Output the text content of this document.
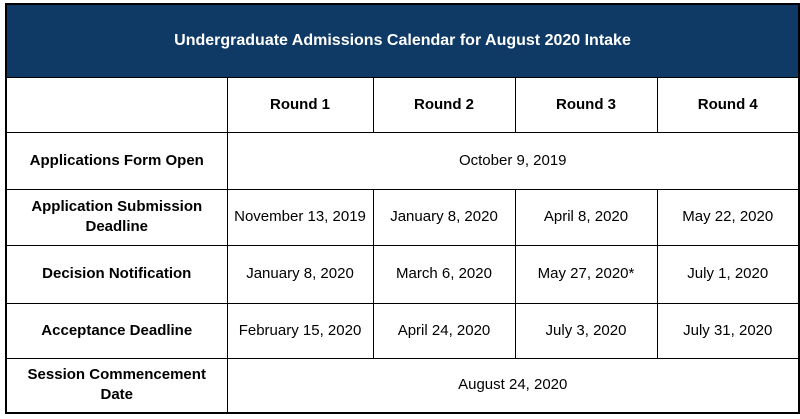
Undergraduate Admissions Calendar for August 2020 Intake				
	Round 1	Round 2	Round 3	Round 4
Applications Form Open	October 9, 2019			
Application Submission Deadline	November 13, 2019	January 8, 2020	April 8, 2020	May 22, 2020
Decision Notification	January 8, 2020	March 6, 2020	May 27, 2020*	July 1, 2020
Acceptance Deadline	February 15, 2020	April 24, 2020	July 3, 2020	July 31, 2020
Session Commencement Date	August 24, 2020			
